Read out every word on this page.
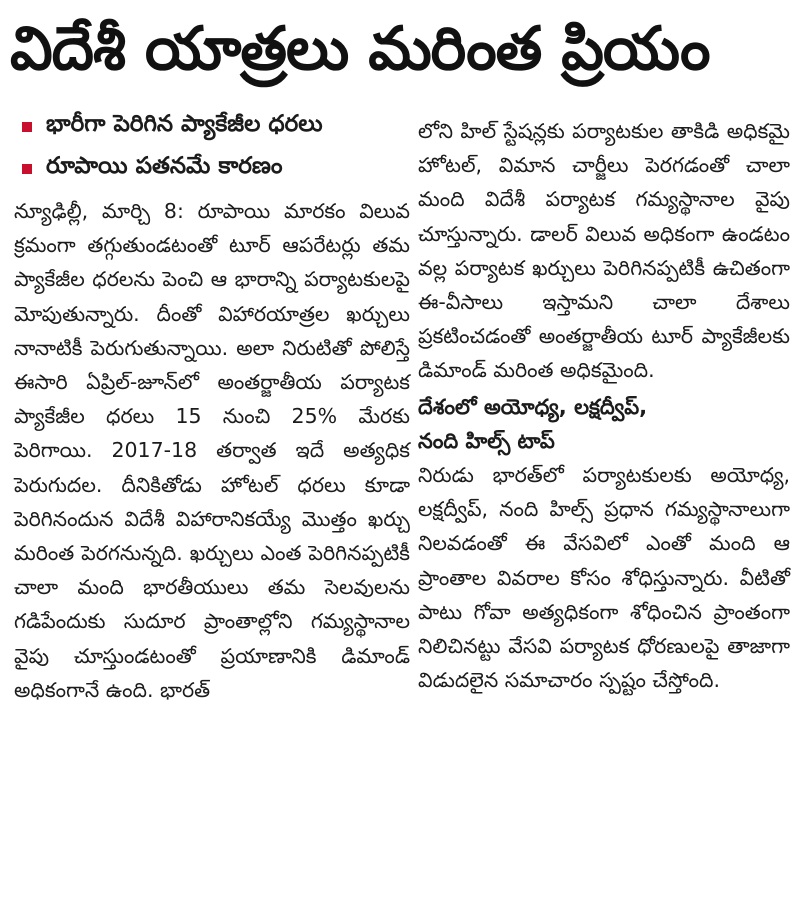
విదేశీ యాత్రలు మరింత ప్రియం
భారీగా పెరిగిన ప్యాకేజీల ధరలు
రూపాయి పతనమే కారణం

న్యూఢిల్లీ, మార్చి 8: రూపాయి మారకం విలువ క్రమంగా తగ్గుతుండటంతో టూర్ ఆపరేటర్లు తమ ప్యాకేజీల ధరలను పెంచి ఆ భారాన్ని పర్యాటకులపై మోపుతున్నారు. దీంతో విహారయాత్రల ఖర్చులు నానాటికీ పెరుగుతున్నాయి. అలా నిరుటితో పోలిస్తే ఈసారి ఏప్రిల్-జూన్‌లో అంతర్జాతీయ పర్యాటక ప్యాకేజీల ధరలు 15 నుంచి 25% మేరకు పెరిగాయి. 2017-18 తర్వాత ఇదే అత్యధిక పెరుగుదల. దీనికితోడు హోటల్ ధరలు కూడా పెరిగినందున విదేశీ విహారానికయ్యే మొత్తం ఖర్చు మరింత పెరగనున్నది. ఖర్చులు ఎంత పెరిగినప్పటికీ చాలా మంది భారతీయులు తమ సెలవులను గడిపేందుకు సుదూర ప్రాంతాల్లోని గమ్యస్థానాల వైపు చూస్తుండటంతో ప్రయాణానికి డిమాండ్ అధికంగానే ఉంది. భారత్

లోని హిల్ స్టేషన్లకు పర్యాటకుల తాకిడి అధికమై హోటల్, విమాన చార్జీలు పెరగడంతో చాలా మంది విదేశీ పర్యాటక గమ్యస్థానాల వైపు చూస్తున్నారు. డాలర్ విలువ అధికంగా ఉండటం వల్ల పర్యాటక ఖర్చులు పెరిగినప్పటికీ ఉచితంగా ఈ-వీసాలు ఇస్తామని చాలా దేశాలు ప్రకటించడంతో అంతర్జాతీయ టూర్ ప్యాకేజీలకు డిమాండ్ మరింత అధికమైంది.

దేశంలో అయోధ్య, లక్షద్వీప్,
నంది హిల్స్ టాప్

నిరుడు భారత్‌లో పర్యాటకులకు అయోధ్య, లక్షద్వీప్, నంది హిల్స్ ప్రధాన గమ్యస్థానాలుగా నిలవడంతో ఈ వేసవిలో ఎంతో మంది ఆ ప్రాంతాల వివరాల కోసం శోధిస్తున్నారు. వీటితో పాటు గోవా అత్యధికంగా శోధించిన ప్రాంతంగా నిలిచినట్టు వేసవి పర్యాటక ధోరణులపై తాజాగా విడుదలైన సమాచారం స్పష్టం చేస్తోంది.
